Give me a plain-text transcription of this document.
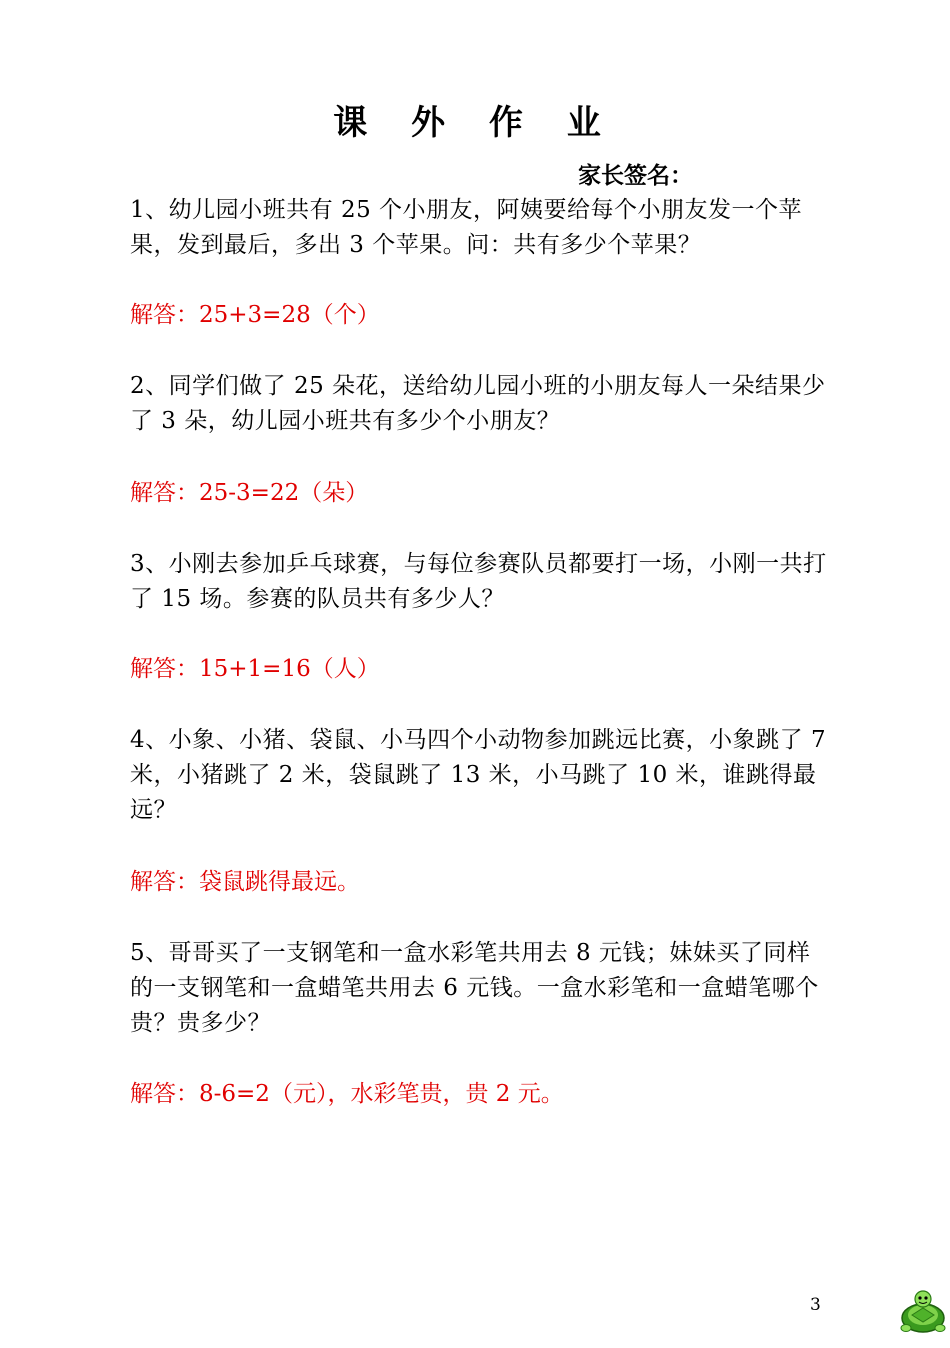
课 外 作 业
家长签名：
1、幼儿园小班共有 25 个小朋友，阿姨要给每个小朋友发一个苹果，发到最后，多出 3 个苹果。问：共有多少个苹果？
解答：25+3=28（个）
2、同学们做了 25 朵花，送给幼儿园小班的小朋友每人一朵结果少了 3 朵，幼儿园小班共有多少个小朋友？
解答：25-3=22（朵）
3、小刚去参加乒乓球赛，与每位参赛队员都要打一场，小刚一共打了 15 场。参赛的队员共有多少人？
解答：15+1=16（人）
4、小象、小猪、袋鼠、小马四个小动物参加跳远比赛，小象跳了 7 米，小猪跳了 2 米，袋鼠跳了 13 米，小马跳了 10 米，谁跳得最远？
解答：袋鼠跳得最远。
5、哥哥买了一支钢笔和一盒水彩笔共用去 8 元钱；妹妹买了同样的一支钢笔和一盒蜡笔共用去 6 元钱。一盒水彩笔和一盒蜡笔哪个贵？贵多少？
解答：8-6=2（元），水彩笔贵，贵 2 元。
3
